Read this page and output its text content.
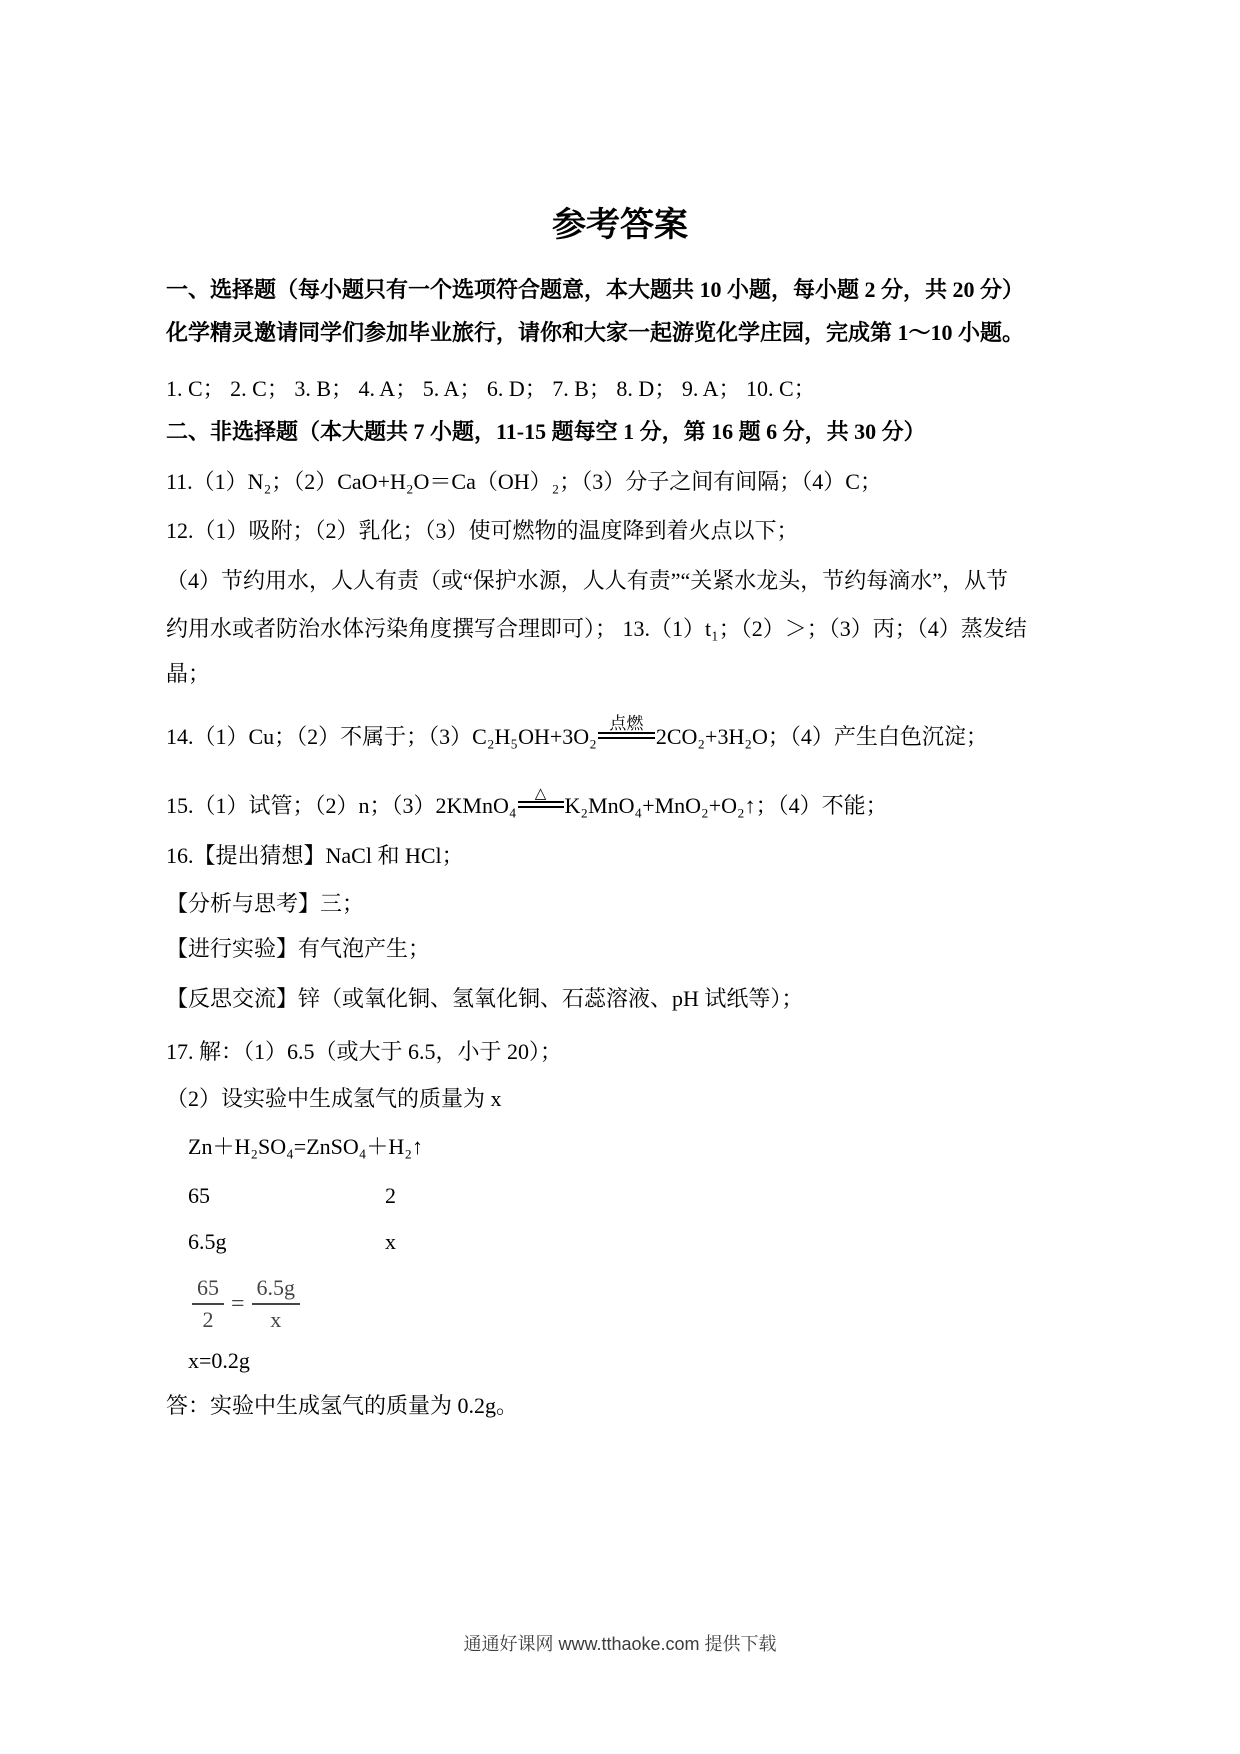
参考答案
一、选择题（每小题只有一个选项符合题意，本大题共 10 小题，每小题 2 分，共 20 分）
化学精灵邀请同学们参加毕业旅行，请你和大家一起游览化学庄园，完成第 1～10 小题。
1. C； 2. C； 3. B； 4. A； 5. A； 6. D； 7. B； 8. D； 9. A； 10. C；
二、非选择题（本大题共 7 小题，11-15 题每空 1 分，第 16 题 6 分，共 30 分）
11.（1）N₂；（2）CaO+H₂O＝Ca（OH）₂；（3）分子之间有间隔；（4）C；
12.（1）吸附；（2）乳化；（3）使可燃物的温度降到着火点以下；
（4）节约用水，人人有责（或“保护水源，人人有责”“关紧水龙头，节约每滴水”，从节
约用水或者防治水体污染角度撰写合理即可）； 13.（1）t₁；（2）＞；（3）丙；（4）蒸发结
晶；
14.（1）Cu；（2）不属于；（3）C₂H₅OH+3O₂
点燃
2CO₂+3H₂O；（4）产生白色沉淀；
15.（1）试管；（2）n；（3）2KMnO₄ △ K₂MnO₄+MnO₂+O₂↑；（4）不能；
16.【提出猜想】NaCl 和 HCl；
【分析与思考】三；
【进行实验】有气泡产生；
【反思交流】锌（或氧化铜、氢氧化铜、石蕊溶液、pH 试纸等）；
17. 解：（1）6.5（或大于 6.5，小于 20）；
（2）设实验中生成氢气的质量为 x
Zn＋H₂SO₄=ZnSO₄＋H₂↑
65	2
6.5g	x
$\frac{65}{2} = \frac{6.5g}{x}$
x=0.2g
答：实验中生成氢气的质量为 0.2g。
通通好课网 www.tthaoke.com 提供下载
